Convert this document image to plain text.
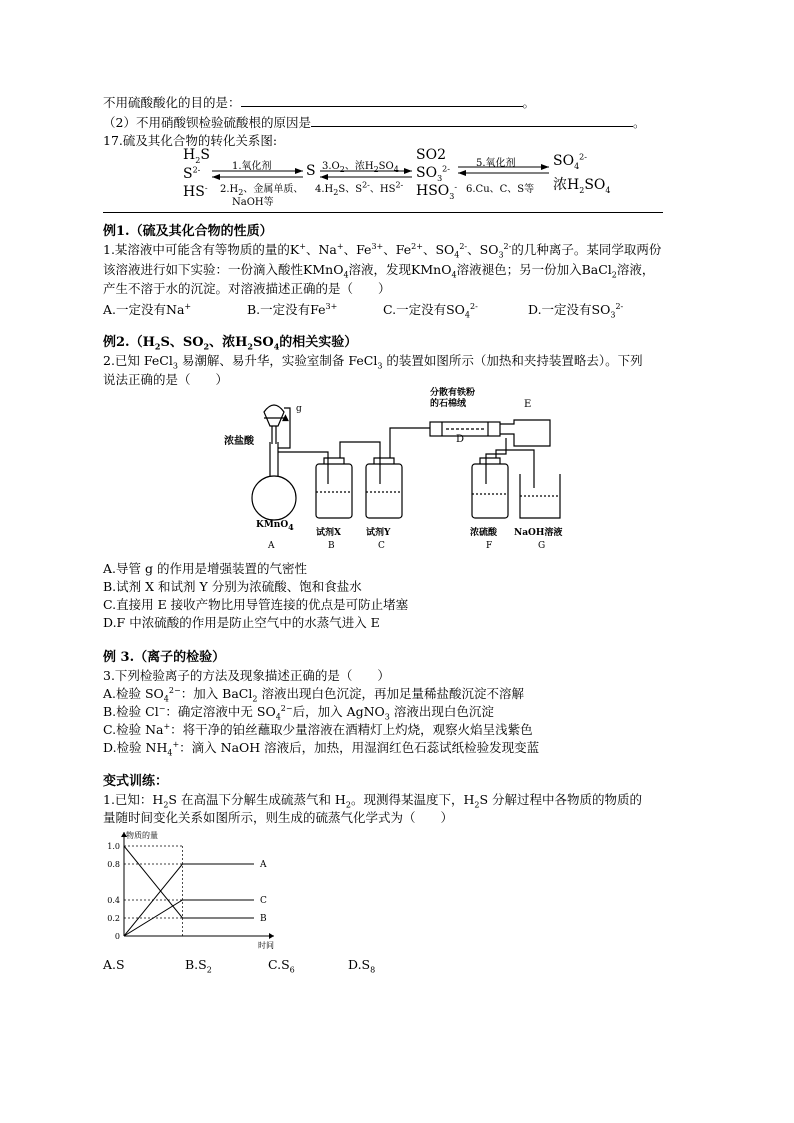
不用硫酸酸化的目的是：	。
（2）不用硝酸钡检验硫酸根的原因是	。
17.硫及其化合物的转化关系图:
$H_2S$
$S^{2-}$
HS-
S
SO2
$SO_3^{2-}$
$HSO_3^-$
$SO_4^{2-}$
浓$H_2SO_4$
1.氧化剂
$2.H_2$、金属单质、
NaOH等
$3.O_2$、浓$H_2SO_4$
$4.H_2S$、$S^{2-}$、$HS^{2-}$
5.氧化剂
6.Cu、C、S等
例1.（硫及其化合物的性质）
1.某溶液中可能含有等物质的量的K+、Na+、$Fe^{3+}$、$Fe^{2+}$、$SO_4^{2-}$、$SO_3^{2-}$的几种离子。某同学取两份
该溶液进行如下实验：一份滴入酸性KMnO$_4$溶液，发现KMnO$_4$溶液褪色；另一份加入BaCl$_2$溶液，
产生不溶于水的沉淀。对溶液描述正确的是（　　）
A.一定没有Na+	B.一定没有$Fe^{3+}$	C.一定没有$SO_4^{2-}$	D.一定没有$SO_3^{2-}$
例$2.(H_2S$、$SO_2$、浓$H_2SO_4$的相关实验）
2.已知 FeCl$_3$ 易潮解、易升华，实验室制备 FeCl$_3$ 的装置如图所示（加热和夹持装置略去）。下列
说法正确的是（　　）
▲
g
浓盐酸
KMnO$_4$
分散有铁粉
的石棉绒	E
D
试剂X	试剂Y	浓硫酸 NaOH溶液
A	B	C	F	G
A.导管 g 的作用是增强装置的气密性
B.试剂 X 和试剂 Y 分别为浓硫酸、饱和食盐水
C.直接用 E 接收产物比用导管连接的优点是可防止堵塞
D.F 中浓硫酸的作用是防止空气中的水蒸气进入 E
例 3.（离子的检验）
3.下列检验离子的方法及现象描述正确的是（　　）
A.检验 $SO_4^{2-}$：加入 BaCl$_2$ 溶液出现白色沉淀，再加足量稀盐酸沉淀不溶解
B.检验 Cl−：确定溶液中无 $SO_4^{2-}$后，加入 AgNO$_3$ 溶液出现白色沉淀
C.检验 Na+：将干净的铂丝蘸取少量溶液在酒精灯上灼烧，观察火焰呈浅紫色
D.检验 $NH_4^+$：滴入 NaOH 溶液后，加热，用湿润红色石蕊试纸检验发现变蓝
变式训练：
1.已知：$H_2S$ 在高温下分解生成硫蒸气和 $H_2$。现测得某温度下，$H_2S$ 分解过程中各物质的物质的
量随时间变化关系如图所示，则生成的硫蒸气化学式为（　　）
1.0
0.8
0.4
0.2
0
A
B
C
物质的量
时间
A.S	$B.S_2$	$C.S_6$	$D.S_8$
